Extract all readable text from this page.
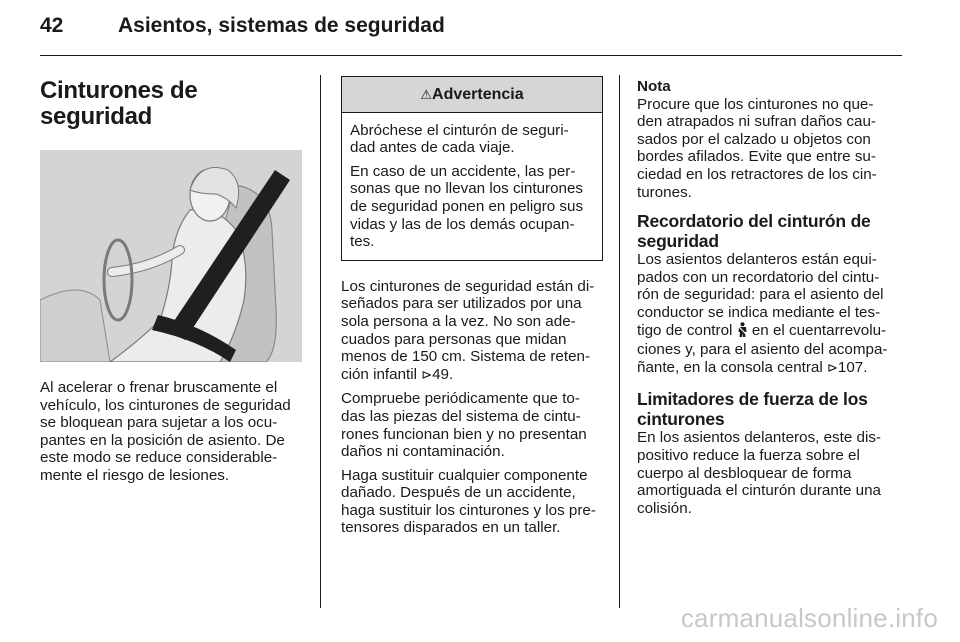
42	Asientos, sistemas de seguridad
Cinturones de
seguridad
Al acelerar o frenar bruscamente el
vehículo, los cinturones de seguridad
se bloquean para sujetar a los ocu-
pantes en la posición de asiento. De
este modo se reduce considerable-
mente el riesgo de lesiones.
⚠Advertencia
Abróchese el cinturón de seguri-
dad antes de cada viaje.
En caso de un accidente, las per-
sonas que no llevan los cinturones
de seguridad ponen en peligro sus
vidas y las de los demás ocupan-
tes.
Los cinturones de seguridad están di-
señados para ser utilizados por una
sola persona a la vez. No son ade-
cuados para personas que midan
menos de 150 cm. Sistema de reten-
ción infantil ⊳49.
Compruebe periódicamente que to-
das las piezas del sistema de cintu-
rones funcionan bien y no presentan
daños ni contaminación.
Haga sustituir cualquier componente
dañado. Después de un accidente,
haga sustituir los cinturones y los pre-
tensores disparados en un taller.
Nota
Procure que los cinturones no que-
den atrapados ni sufran daños cau-
sados por el calzado u objetos con
bordes afilados. Evite que entre su-
ciedad en los retractores de los cin-
turones.
Recordatorio del cinturón de
seguridad
Los asientos delanteros están equi-
pados con un recordatorio del cintu-
rón de seguridad: para el asiento del
conductor se indica mediante el tes-
tigo de control  en el cuentarrevolu-
ciones y, para el asiento del acompa-
ñante, en la consola central ⊳107.
Limitadores de fuerza de los
cinturones
En los asientos delanteros, este dis-
positivo reduce la fuerza sobre el
cuerpo al desbloquear de forma
amortiguada el cinturón durante una
colisión.
carmanualsonline.info
